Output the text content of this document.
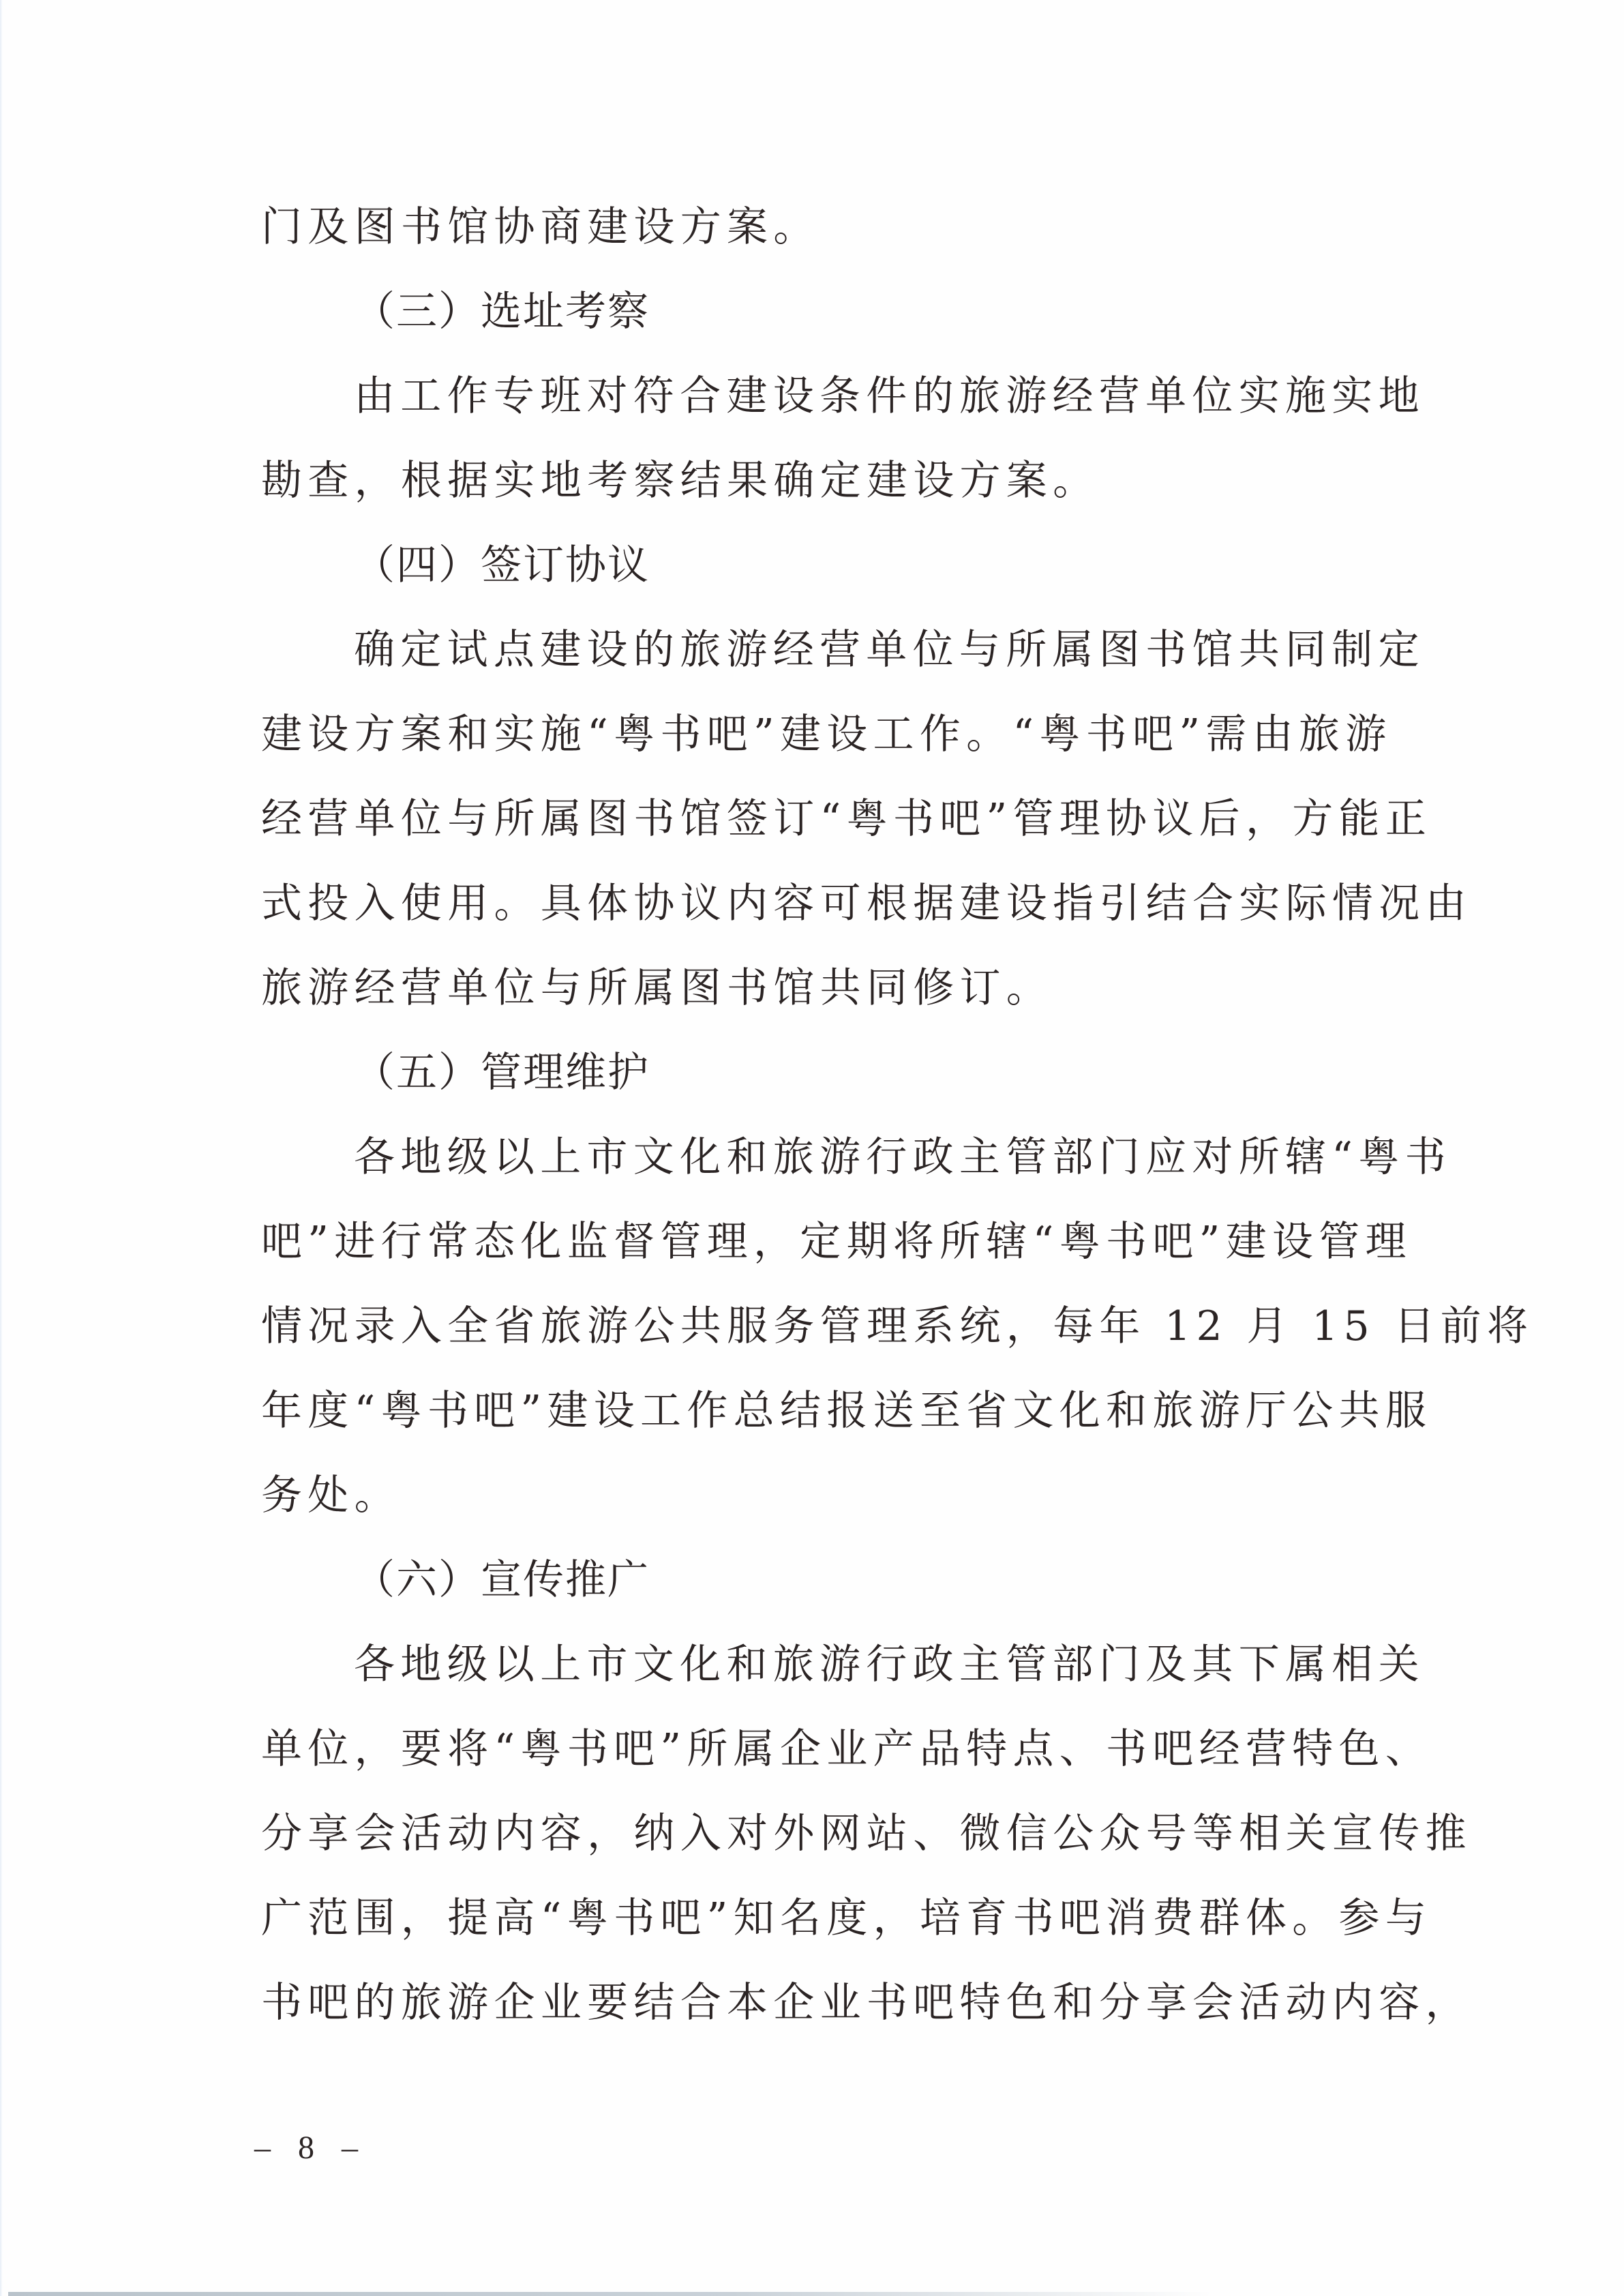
门及图书馆协商建设方案。
（三）选址考察
由工作专班对符合建设条件的旅游经营单位实施实地
勘查，根据实地考察结果确定建设方案。
（四）签订协议
确定试点建设的旅游经营单位与所属图书馆共同制定
建设方案和实施“粤书吧”建设工作。“粤书吧”需由旅游
经营单位与所属图书馆签订“粤书吧”管理协议后，方能正
式投入使用。具体协议内容可根据建设指引结合实际情况由
旅游经营单位与所属图书馆共同修订。
（五）管理维护
各地级以上市文化和旅游行政主管部门应对所辖“粤书
吧”进行常态化监督管理，定期将所辖“粤书吧”建设管理
情况录入全省旅游公共服务管理系统，每年 12 月 15 日前将
年度“粤书吧”建设工作总结报送至省文化和旅游厅公共服
务处。
（六）宣传推广
各地级以上市文化和旅游行政主管部门及其下属相关
单位，要将“粤书吧”所属企业产品特点、书吧经营特色、
分享会活动内容，纳入对外网站、微信公众号等相关宣传推
广范围，提高“粤书吧”知名度，培育书吧消费群体。参与
书吧的旅游企业要结合本企业书吧特色和分享会活动内容，
– 8 –
